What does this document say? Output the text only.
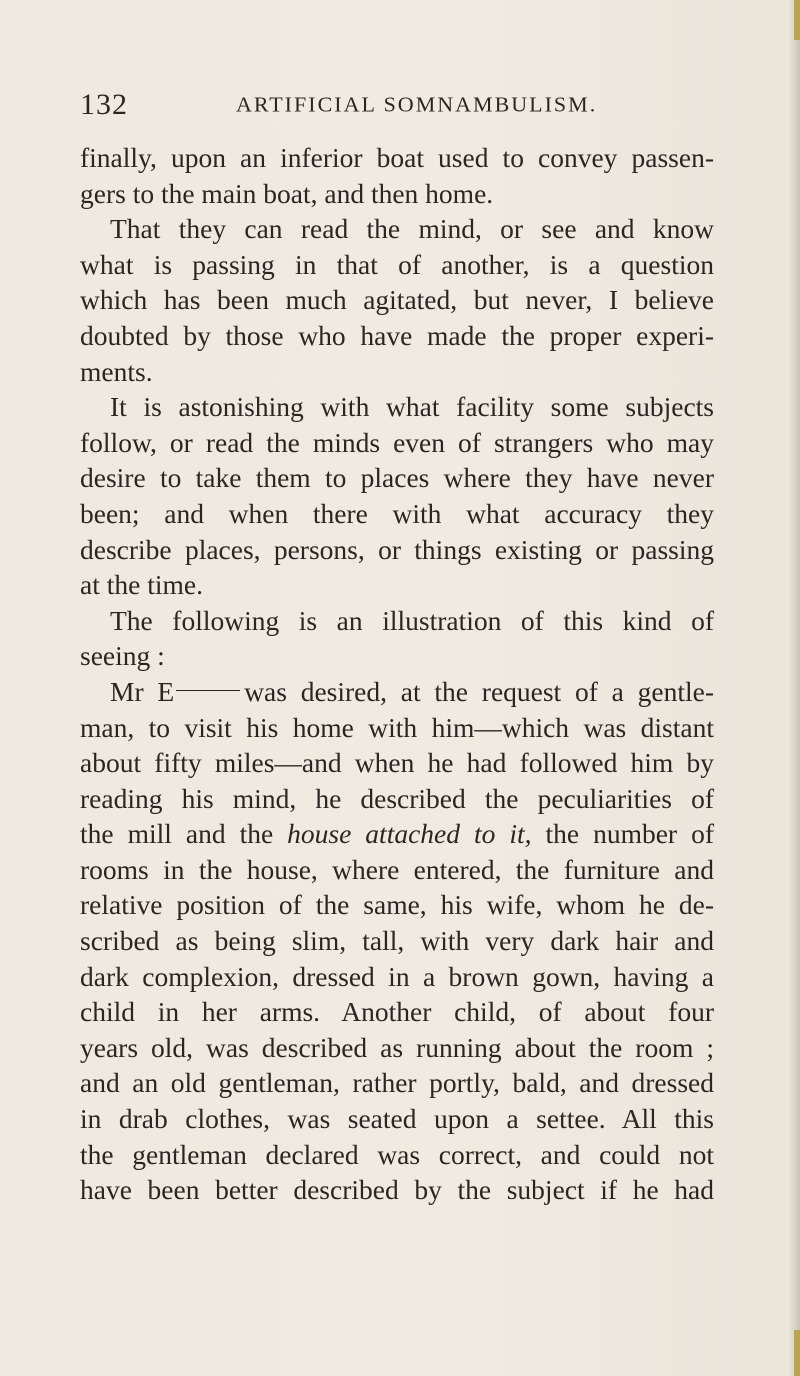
132	ARTIFICIAL SOMNAMBULISM.
finally, upon an inferior boat used to convey passen-
gers to the main boat, and then home.
That they can read the mind, or see and know
what is passing in that of another, is a question
which has been much agitated, but never, I believe
doubted by those who have made the proper experi-
ments.
It is astonishing with what facility some subjects
follow, or read the minds even of strangers who may
desire to take them to places where they have never
been; and when there with what accuracy they
describe places, persons, or things existing or passing
at the time.
The following is an illustration of this kind of
seeing :
Mr E	was desired, at the request of a gentle-
man, to visit his home with him—which was distant
about fifty miles—and when he had followed him by
reading his mind, he described the peculiarities of
the mill and the house attached to it, the number of
rooms in the house, where entered, the furniture and
relative position of the same, his wife, whom he de-
scribed as being slim, tall, with very dark hair and
dark complexion, dressed in a brown gown, having a
child in her arms. Another child, of about four
years old, was described as running about the room ;
and an old gentleman, rather portly, bald, and dressed
in drab clothes, was seated upon a settee. All this
the gentleman declared was correct, and could not
have been better described by the subject if he had
